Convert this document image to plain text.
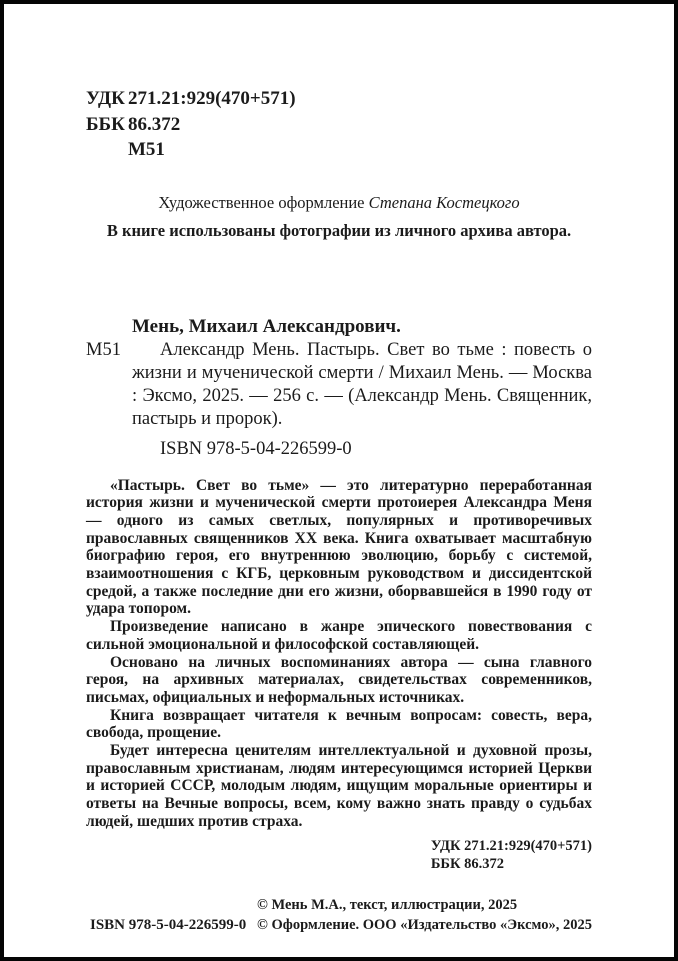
УДК 271.21:929(470+571)
ББК 86.372
М51
Художественное оформление Степана Костецкого
В книге использованы фотографии из личного архива автора.
М51
Мень, Михаил Александрович.
Александр Мень. Пастырь. Свет во тьме : повесть о жизни и мученической смерти / Михаил Мень. — Москва : Эксмо, 2025. — 256 с. — (Александр Мень. Священник, пастырь и пророк).
ISBN 978-5-04-226599-0

«Пастырь. Свет во тьме» — это литературно переработанная история жизни и мученической смерти протоиерея Александра Меня — одного из самых светлых, популярных и противоречивых православных священников XX века. Книга охватывает масштабную биографию героя, его внутреннюю эволюцию, борьбу с системой, взаимоотношения с КГБ, церковным руководством и диссидентской средой, а также последние дни его жизни, оборвавшейся в 1990 году от удара топором.

Произведение написано в жанре эпического повествования с сильной эмоциональной и философской составляющей.

Основано на личных воспоминаниях автора — сына главного героя, на архивных материалах, свидетельствах современников, письмах, официальных и неформальных источниках.

Книга возвращает читателя к вечным вопросам: совесть, вера, свобода, прощение.

Будет интересна ценителям интеллектуальной и духовной прозы, православным христианам, людям интересующимся историей Церкви и историей СССР, молодым людям, ищущим моральные ориентиры и ответы на Вечные вопросы, всем, кому важно знать правду о судьбах людей, шедших против страха.

УДК 271.21:929(470+571)
ББК 86.372
ISBN 978-5-04-226599-0
© Мень М.А., текст, иллюстрации, 2025
© Оформление. ООО «Издательство «Эксмо», 2025
